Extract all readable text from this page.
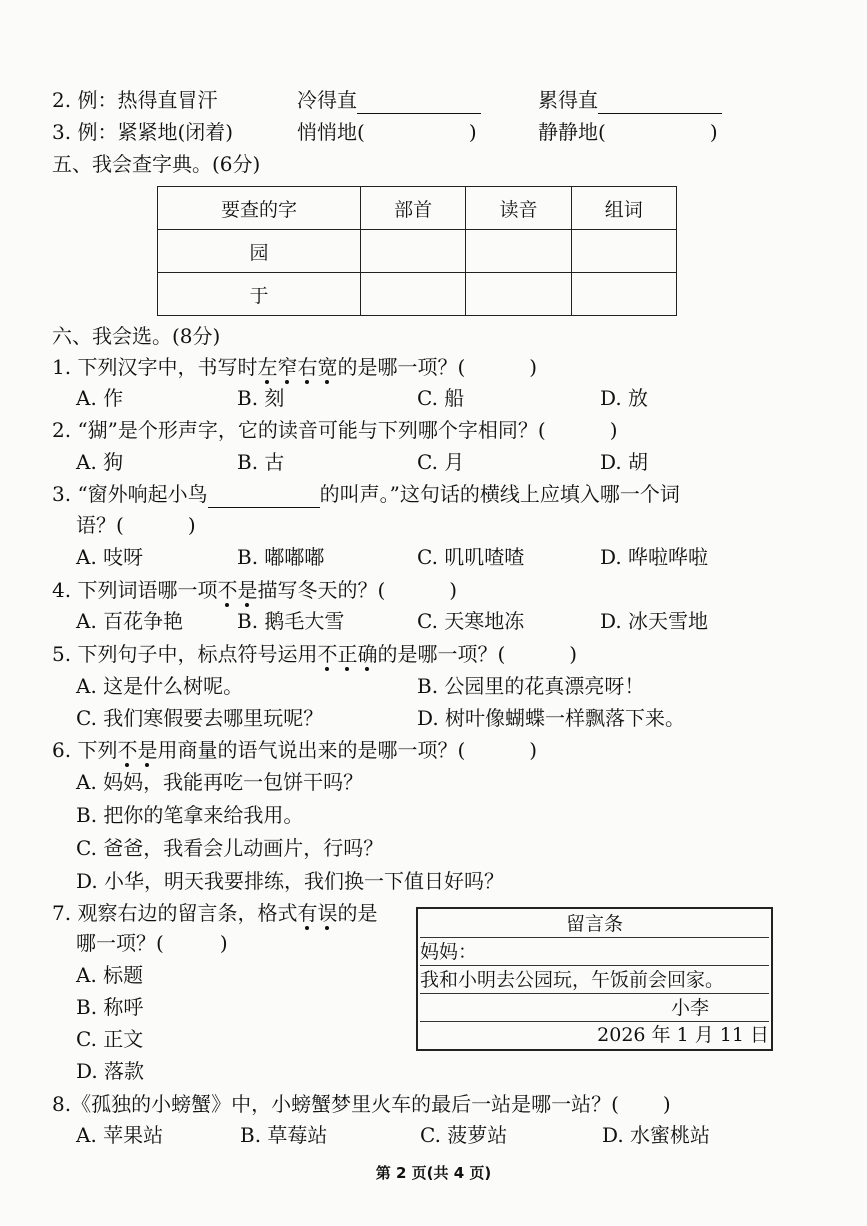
2. 例：热得直冒汗	冷得直	累得直
3. 例：紧紧地(闭着)	悄悄地(	)	静静地(	)
五、我会查字典。(6分)
要查的字	部首	读音	组词
园			
于			
六、我会选。(8分)
1. 下列汉字中，书写时左窄右宽的是哪一项？(	)
A. 作	B. 刻	C. 船	D. 放
2. “猢”是个形声字，它的读音可能与下列哪个字相同？(	)
A. 狗	B. 古	C. 月	D. 胡
3. “窗外响起小鸟	的叫声。”这句话的横线上应填入哪一个词
语？(	)
A. 吱呀	B. 嘟嘟嘟	C. 叽叽喳喳	D. 哗啦哗啦
4. 下列词语哪一项不是描写冬天的？(	)
A. 百花争艳	B. 鹅毛大雪	C. 天寒地冻	D. 冰天雪地
5. 下列句子中，标点符号运用不正确的是哪一项？(	)
A. 这是什么树呢。	B. 公园里的花真漂亮呀！
C. 我们寒假要去哪里玩呢？	D. 树叶像蝴蝶一样飘落下来。
6. 下列不是用商量的语气说出来的是哪一项？(	)
A. 妈妈，我能再吃一包饼干吗？
B. 把你的笔拿来给我用。
C. 爸爸，我看会儿动画片，行吗？
D. 小华，明天我要排练，我们换一下值日好吗？
7. 观察右边的留言条，格式有误的是
哪一项？(	)
A. 标题
B. 称呼
C. 正文
D. 落款
留言条
妈妈：
我和小明去公园玩，午饭前会回家。
小李
2026 年 1 月 11 日
8.《孤独的小螃蟹》中，小螃蟹梦里火车的最后一站是哪一站？( )
A. 苹果站	B. 草莓站	C. 菠萝站	D. 水蜜桃站
第 2 页(共 4 页)
